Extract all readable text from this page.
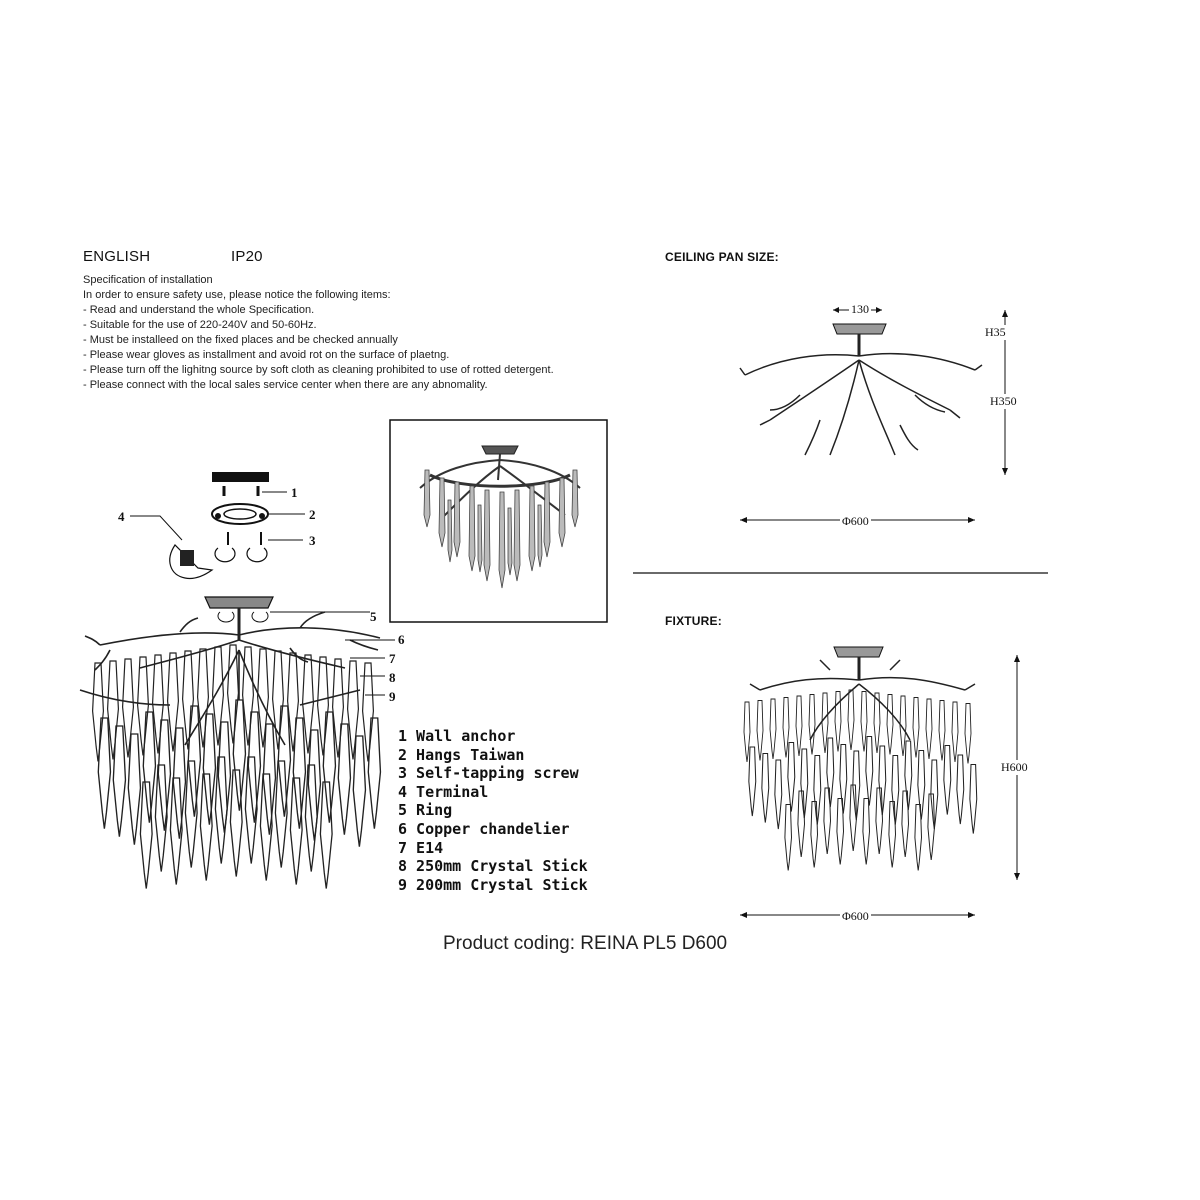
ENGLISH	IP20
Specification of installation
In order to ensure safety use, please notice the following items:
- Read and understand the whole Specification.
- Suitable for the use of 220-240V and 50-60Hz.
- Must be installeed on the fixed places and be checked annually
- Please wear gloves as installment and avoid rot on the surface of plaetng.
- Please turn off the lighitng source by soft cloth as cleaning prohibited to use of rotted detergent.
- Please connect with the local sales service center when there are any abnomality.
CEILING PAN SIZE:
FIXTURE:
1
2
3
4
5
6
7
8
9
1 Wall anchor
2 Hangs Taiwan
3 Self-tapping screw
4 Terminal
5 Ring
6 Copper chandelier
7 E14
8 250mm Crystal Stick
9 200mm Crystal Stick
130
H35
H350
Φ600
H600
Φ600
Product coding: REINA PL5 D600
